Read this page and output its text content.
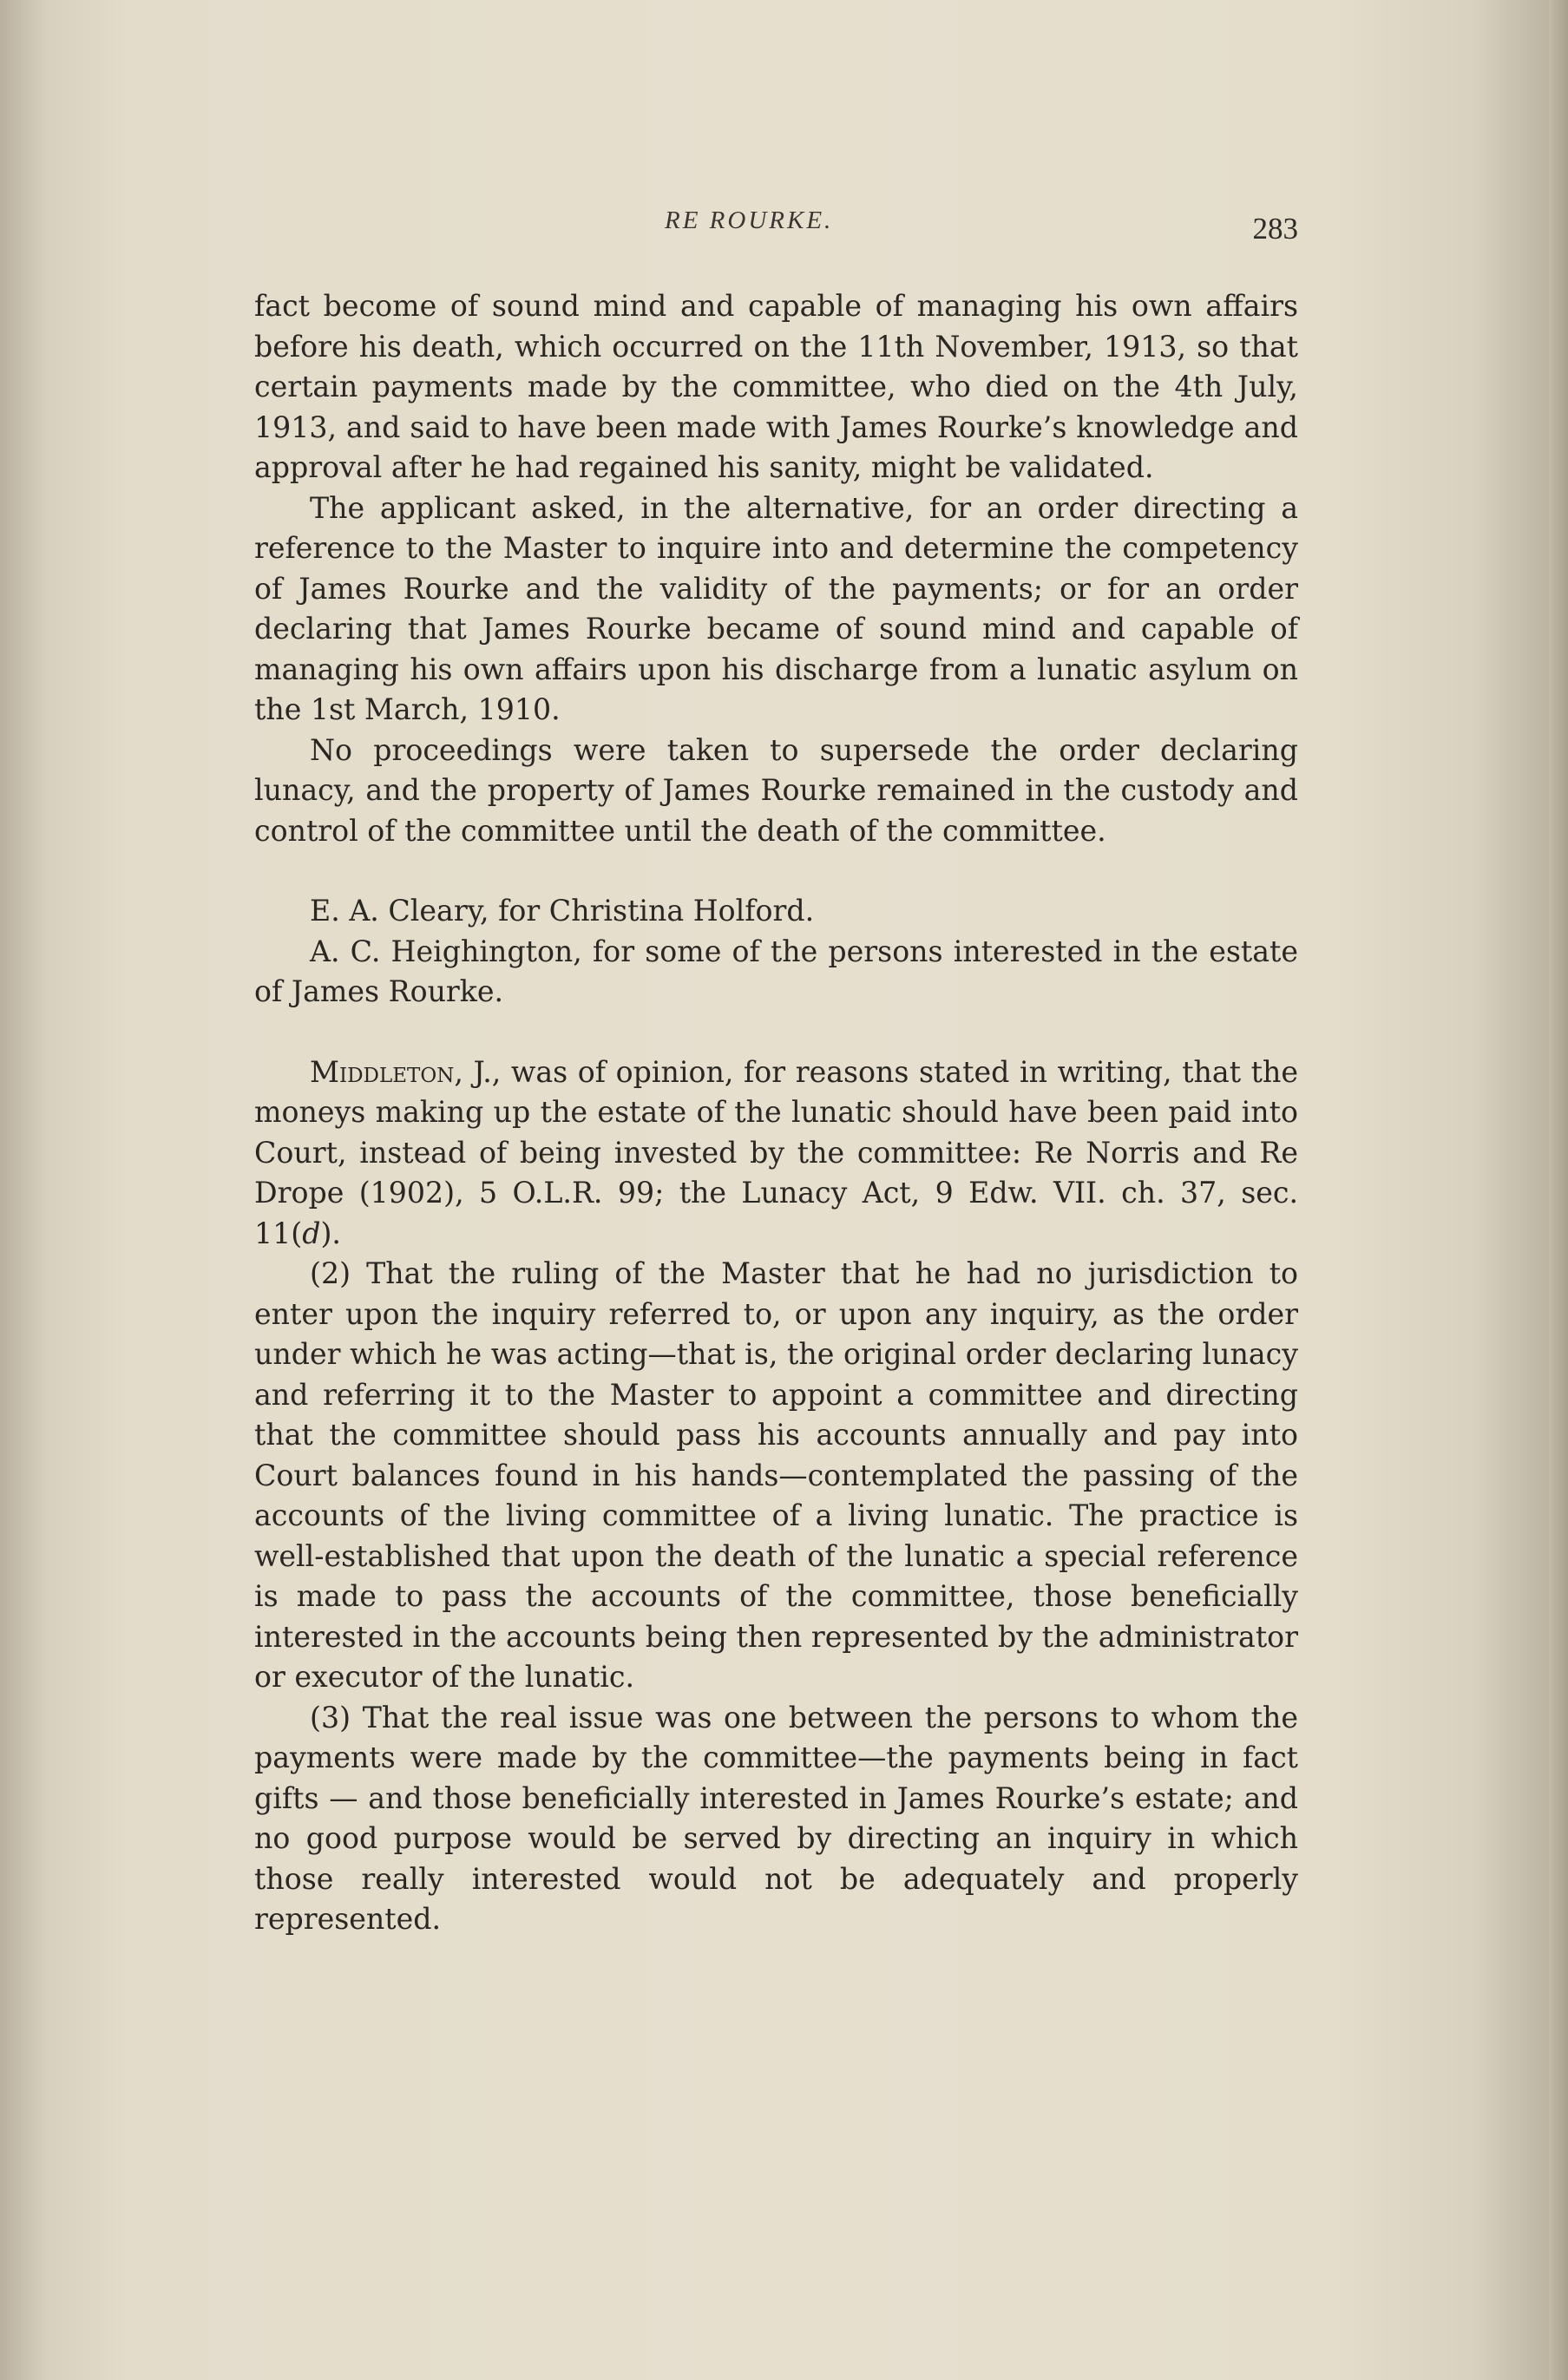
RE ROURKE.	283

fact become of sound mind and capable of managing his own affairs before his death, which occurred on the 11th November, 1913, so that certain payments made by the committee, who died on the 4th July, 1913, and said to have been made with James Rourke’s knowledge and approval after he had regained his sanity, might be validated.

The applicant asked, in the alternative, for an order directing a reference to the Master to inquire into and determine the competency of James Rourke and the validity of the payments; or for an order declaring that James Rourke became of sound mind and capable of managing his own affairs upon his discharge from a lunatic asylum on the 1st March, 1910.

No proceedings were taken to supersede the order declaring lunacy, and the property of James Rourke remained in the custody and control of the committee until the death of the committee.

E. A. Cleary, for Christina Holford.

A. C. Heighington, for some of the persons interested in the estate of James Rourke.

Middleton, J., was of opinion, for reasons stated in writing, that the moneys making up the estate of the lunatic should have been paid into Court, instead of being invested by the committee: Re Norris and Re Drope (1902), 5 O.L.R. 99; the Lunacy Act, 9 Edw. VII. ch. 37, sec. 11(d).

(2) That the ruling of the Master that he had no jurisdiction to enter upon the inquiry referred to, or upon any inquiry, as the order under which he was acting—that is, the original order declaring lunacy and referring it to the Master to appoint a committee and directing that the committee should pass his accounts annually and pay into Court balances found in his hands—contemplated the passing of the accounts of the living committee of a living lunatic. The practice is well-established that upon the death of the lunatic a special reference is made to pass the accounts of the committee, those beneficially interested in the accounts being then represented by the administrator or executor of the lunatic.

(3) That the real issue was one between the persons to whom the payments were made by the committee—the payments being in fact gifts — and those beneficially interested in James Rourke’s estate; and no good purpose would be served by directing an inquiry in which those really interested would not be adequately and properly represented.
